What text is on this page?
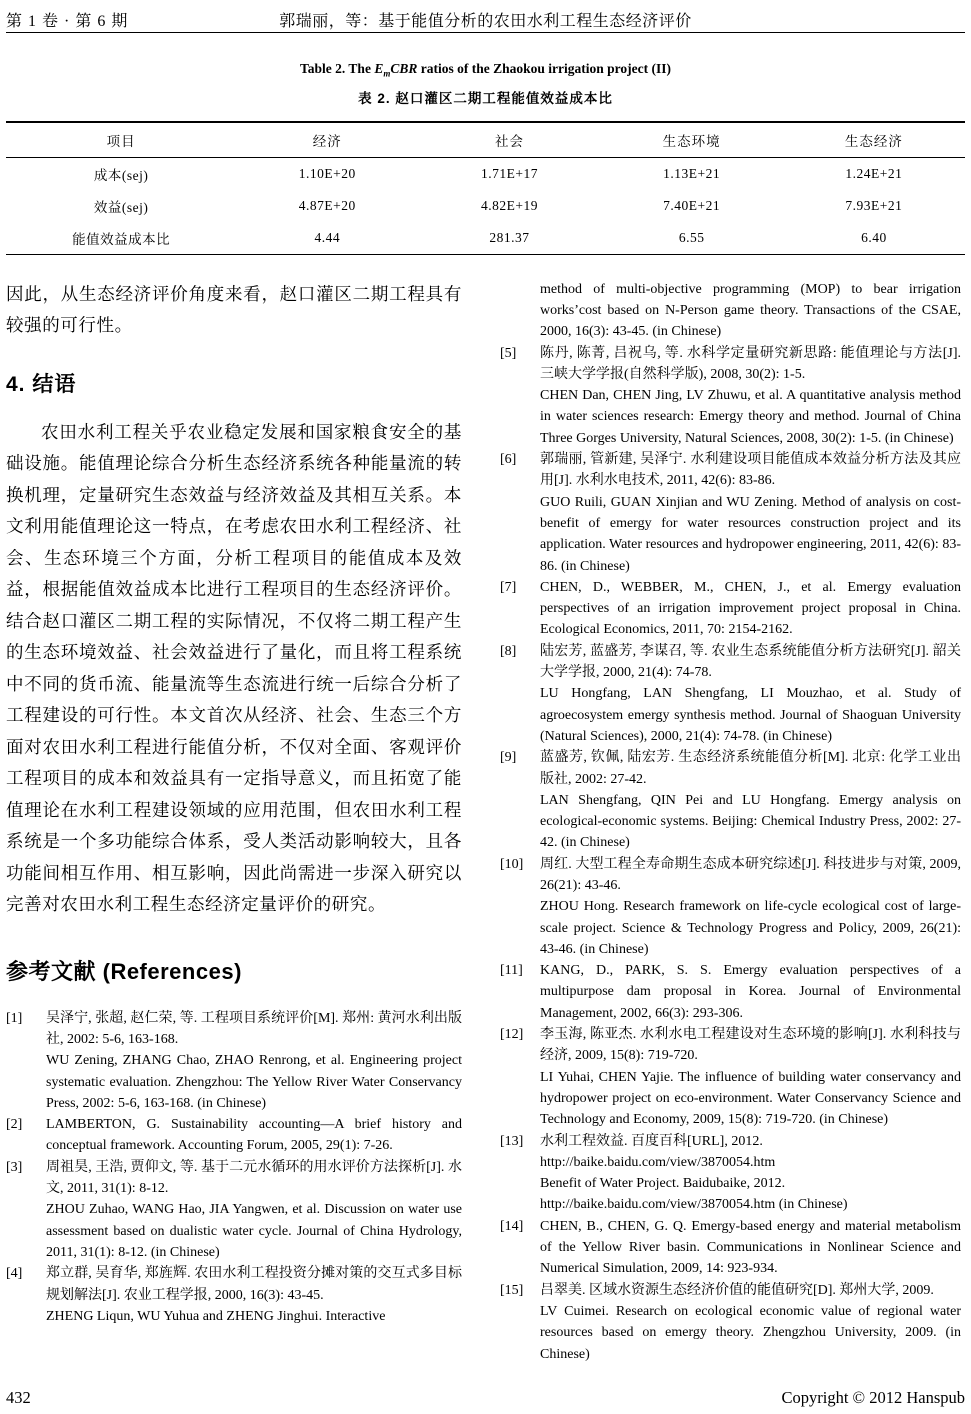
第 1 卷 · 第 6 期	郭瑞丽，等：基于能值分析的农田水利工程生态经济评价
Table 2. The $E_mCBR$ ratios of the Zhaokou irrigation project (II)
表 2. 赵口灌区二期工程能值效益成本比
项目	经济	社会	生态环境	生态经济
成本(sej)	1.10E+20	1.71E+17	1.13E+21	1.24E+21
效益(sej)	4.87E+20	4.82E+19	7.40E+21	7.93E+21
能值效益成本比	4.44	281.37	6.55	6.40

因此，从生态经济评价角度来看，赵口灌区二期工程具有较强的可行性。

4. 结语

农田水利工程关乎农业稳定发展和国家粮食安全的基础设施。能值理论综合分析生态经济系统各种能量流的转换机理，定量研究生态效益与经济效益及其相互关系。本文利用能值理论这一特点，在考虑农田水利工程经济、社会、生态环境三个方面，分析工程项目的能值成本及效益，根据能值效益成本比进行工程项目的生态经济评价。结合赵口灌区二期工程的实际情况，不仅将二期工程产生的生态环境效益、社会效益进行了量化，而且将工程系统中不同的货币流、能量流等生态流进行统一后综合分析了工程建设的可行性。本文首次从经济、社会、生态三个方面对农田水利工程进行能值分析，不仅对全面、客观评价工程项目的成本和效益具有一定指导意义，而且拓宽了能值理论在水利工程建设领域的应用范围，但农田水利工程系统是一个多功能综合体系，受人类活动影响较大，且各功能间相互作用、相互影响，因此尚需进一步深入研究以完善对农田水利工程生态经济定量评价的研究。

参考文献 (References)
[1]	吴泽宁, 张超, 赵仁荣, 等. 工程项目系统评价[M]. 郑州: 黄河水利出版社, 2002: 5-6, 163-168.
WU Zening, ZHANG Chao, ZHAO Renrong, et al. Engineering project systematic evaluation. Zhengzhou: The Yellow River Water Conservancy Press, 2002: 5-6, 163-168. (in Chinese)
[2]	LAMBERTON, G. Sustainability accounting—A brief history and conceptual framework. Accounting Forum, 2005, 29(1): 7-26.
[3]	周祖昊, 王浩, 贾仰文, 等. 基于二元水循环的用水评价方法探析[J]. 水文, 2011, 31(1): 8-12.
ZHOU Zuhao, WANG Hao, JIA Yangwen, et al. Discussion on water use assessment based on dualistic water cycle. Journal of China Hydrology, 2011, 31(1): 8-12. (in Chinese)
[4]	郑立群, 吴育华, 郑旌辉. 农田水利工程投资分摊对策的交互式多目标规划解法[J]. 农业工程学报, 2000, 16(3): 43-45.
ZHENG Liqun, WU Yuhua and ZHENG Jinghui. Interactive
method of multi-objective programming (MOP) to bear irrigation works’cost based on N-Person game theory. Transactions of the CSAE, 2000, 16(3): 43-45. (in Chinese)
[5]	陈丹, 陈菁, 吕祝乌, 等. 水科学定量研究新思路: 能值理论与方法[J]. 三峡大学学报(自然科学版), 2008, 30(2): 1-5.
CHEN Dan, CHEN Jing, LV Zhuwu, et al. A quantitative analysis method in water sciences research: Emergy theory and method. Journal of China Three Gorges University, Natural Sciences, 2008, 30(2): 1-5. (in Chinese)
[6]	郭瑞丽, 管新建, 吴泽宁. 水利建设项目能值成本效益分析方法及其应用[J]. 水利水电技术, 2011, 42(6): 83-86.
GUO Ruili, GUAN Xinjian and WU Zening. Method of analysis on cost-benefit of emergy for water resources construction project and its application. Water resources and hydropower engineering, 2011, 42(6): 83-86. (in Chinese)
[7]	CHEN, D., WEBBER, M., CHEN, J., et al. Emergy evaluation perspectives of an irrigation improvement project proposal in China. Ecological Economics, 2011, 70: 2154-2162.
[8]	陆宏芳, 蓝盛芳, 李谋召, 等. 农业生态系统能值分析方法研究[J]. 韶关大学学报, 2000, 21(4): 74-78.
LU Hongfang, LAN Shengfang, LI Mouzhao, et al. Study of agroecosystem emergy synthesis method. Journal of Shaoguan University (Natural Sciences), 2000, 21(4): 74-78. (in Chinese)
[9]	蓝盛芳, 钦佩, 陆宏芳. 生态经济系统能值分析[M]. 北京: 化学工业出版社, 2002: 27-42.
LAN Shengfang, QIN Pei and LU Hongfang. Emergy analysis on ecological-economic systems. Beijing: Chemical Industry Press, 2002: 27-42. (in Chinese)
[10]	周红. 大型工程全寿命期生态成本研究综述[J]. 科技进步与对策, 2009, 26(21): 43-46.
ZHOU Hong. Research framework on life-cycle ecological cost of large-scale project. Science & Technology Progress and Policy, 2009, 26(21): 43-46. (in Chinese)
[11]	KANG, D., PARK, S. S. Emergy evaluation perspectives of a multipurpose dam proposal in Korea. Journal of Environmental Management, 2002, 66(3): 293-306.
[12]	李玉海, 陈亚杰. 水利水电工程建设对生态环境的影响[J]. 水利科技与经济, 2009, 15(8): 719-720.
LI Yuhai, CHEN Yajie. The influence of building water conservancy and hydropower project on eco-environment. Water Conservancy Science and Technology and Economy, 2009, 15(8): 719-720. (in Chinese)
[13]	水利工程效益. 百度百科[URL], 2012.
http://baike.baidu.com/view/3870054.htm
Benefit of Water Project. Baidubaike, 2012.
http://baike.baidu.com/view/3870054.htm (in Chinese)
[14]	CHEN, B., CHEN, G. Q. Emergy-based energy and material metabolism of the Yellow River basin. Communications in Nonlinear Science and Numerical Simulation, 2009, 14: 923-934.
[15]	吕翠美. 区域水资源生态经济价值的能值研究[D]. 郑州大学, 2009.
LV Cuimei. Research on ecological economic value of regional water resources based on emergy theory. Zhengzhou University, 2009. (in Chinese)
432	Copyright © 2012 Hanspub
